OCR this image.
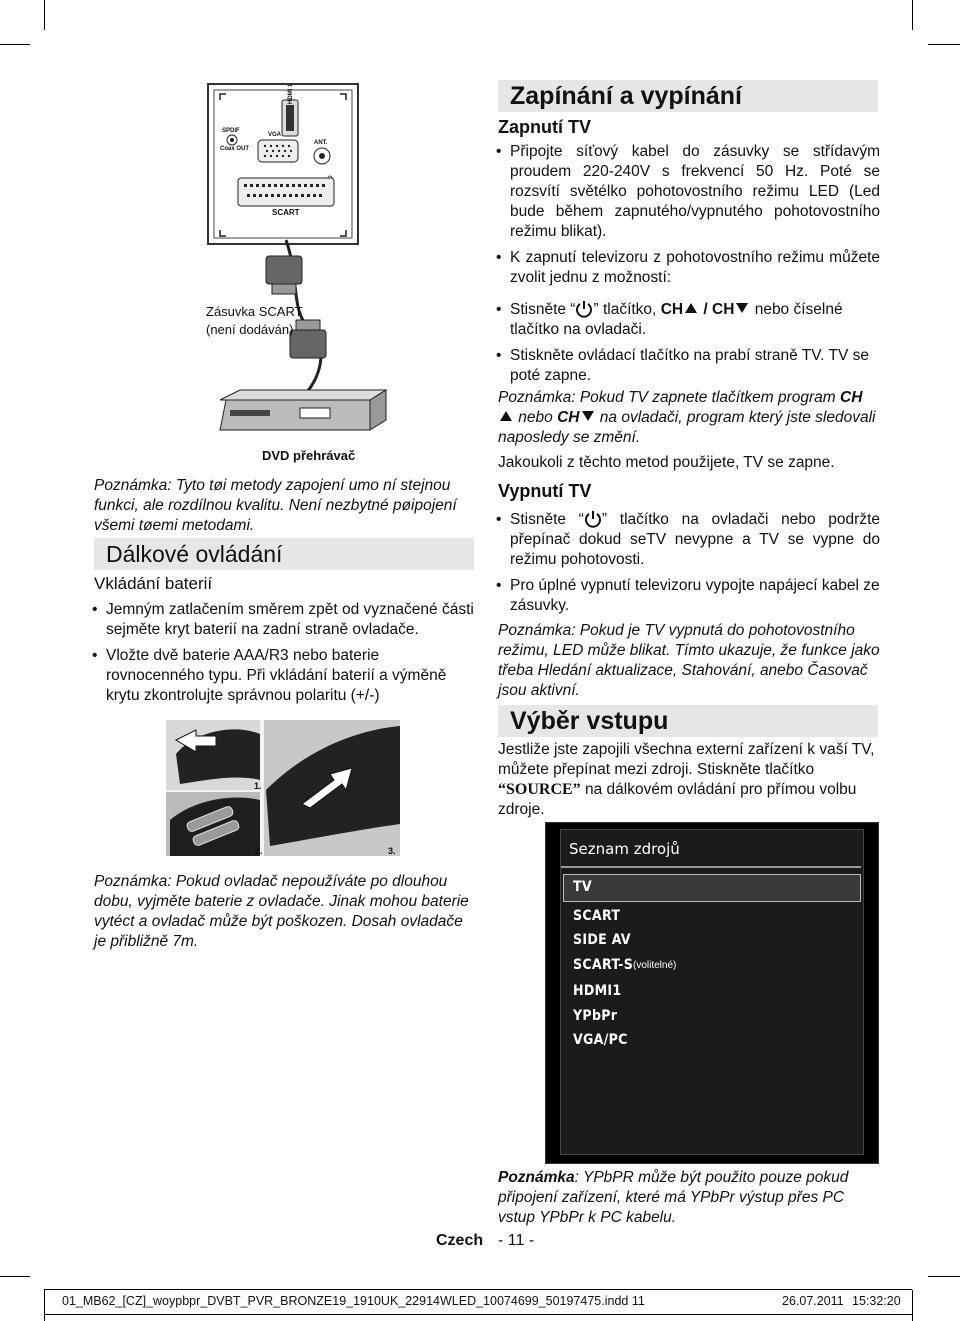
HDMI 1
SPDIF
Coax OUT
VGA
ANT.
SCART
Zásuvka SCART
(není dodáván)
DVD přehrávač
Poznámka: Tyto tøi metody zapojení umo ní stejnou funkci, ale rozdílnou kvalitu. Není nezbytné pøipojení všemi tøemi metodami.
Dálkové ovládání
Vkládání baterií

• Jemným zatlačením směrem zpět od vyznačené části sejměte kryt baterií na zadní straně ovladače.

• Vložte dvě baterie AAA/R3 nebo baterie rovnocenného typu. Při vkládání baterií a výměně krytu zkontrolujte správnou polaritu (+/-)

1.
2.	3.
Poznámka: Pokud ovladač nepoužíváte po dlouhou dobu, vyjměte baterie z ovladače. Jinak mohou baterie vytéct a ovladač může být poškozen. Dosah ovladače je přibližně 7m.
Zapínání a vypínání
Zapnutí TV

• Připojte síťový kabel do zásuvky se střídavým proudem 220-240V s frekvencí 50 Hz. Poté se rozsvítí světélko pohotovostního režimu LED (Led bude během zapnutého/vypnutého pohotovostního režimu blikat).

• K zapnutí televizoru z pohotovostního režimu můžete zvolit jednu z možností:

• Stisněte “ ” tlačítko, CH / CH nebo číselné tlačítko na ovladači.

• Stiskněte ovládací tlačítko na prabí straně TV. TV se poté zapne.

Poznámka: Pokud TV zapnete tlačítkem program CH
nebo CH na ovladači, program který jste sledovali naposledy se změní.
Jakoukoli z těchto metod použijete, TV se zapne.
Vypnutí TV

• Stisněte “ ” tlačítko na ovladači nebo podržte přepínač dokud seTV nevypne a TV se vypne do režimu pohotovosti.

• Pro úplné vypnutí televizoru vypojte napájecí kabel ze zásuvky.

Poznámka: Pokud je TV vypnutá do pohotovostního režimu, LED může blikat. Tímto ukazuje, že funkce jako třeba Hledání aktualizace, Stahování, anebo Časovač jsou aktivní.
Výběr vstupu
Jestliže jste zapojili všechna externí zařízení k vaší TV, můžete přepínat mezi zdroji. Stiskněte tlačítko “SOURCE” na dálkovém ovládání pro přímou volbu zdroje.
Seznam zdrojů
TV
SCART
SIDE AV
SCART-S (volitelné)
HDMI1
YPbPr
VGA/PC
Poznámka: YPbPR může být použito pouze pokud připojení zařízení, které má YPbPr výstup přes PC vstup YPbPr k PC kabelu.
Czech - 11 -
01_MB62_[CZ]_woypbpr_DVBT_PVR_BRONZE19_1910UK_22914WLED_10074699_50197475.indd 11	26.07.2011 15:32:20
